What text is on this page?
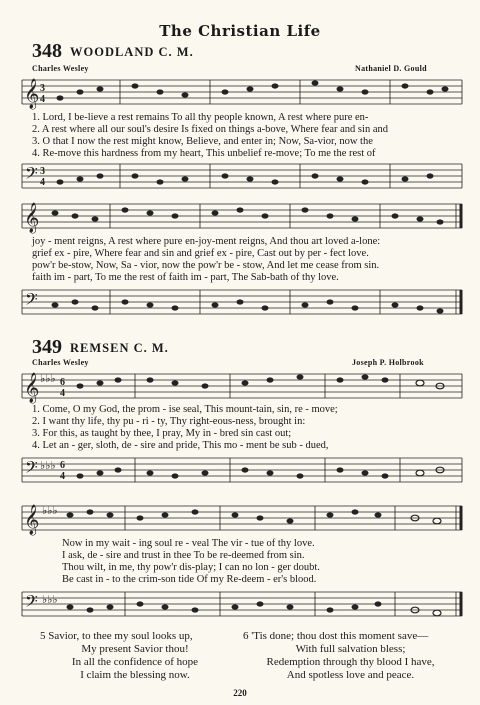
The Christian Life
348 WOODLAND C. M.
Charles Wesley	Nathaniel D. Gould
𝄞 3
4
1. Lord, I be-lieve a rest remains To all thy people known, A rest where pure en-
2. A rest where all our soul's desire Is fixed on things a-bove, Where fear and sin and
3. O that I now the rest might know, Believe, and enter in; Now, Sa-vior, now the
4. Re-move this hardness from my heart, This unbelief re-move; To me the rest of
𝄢 3
4
𝄞
joy - ment reigns, A rest where pure en-joy-ment reigns, And thou art loved a-lone:
grief ex - pire, Where fear and sin and grief ex - pire, Cast out by per - fect love.
pow'r be-stow, Now, Sa - vior, now the pow'r be - stow, And let me cease from sin.
faith im - part, To me the rest of faith im - part, The Sab-bath of thy love.
𝄢
349 REMSEN C. M.
Charles Wesley	Joseph P. Holbrook
𝄞 ♭♭♭ 6
4
1. Come, O my God, the prom - ise seal, This mount-tain, sin, re - move;
2. I want thy life, thy pu - ri - ty, Thy right-eous-ness, brought in:
3. For this, as taught by thee, I pray, My in - bred sin cast out;
4. Let an - ger, sloth, de - sire and pride, This mo - ment be sub - dued,
𝄢 ♭♭♭ 6
4
𝄞 ♭♭♭
Now in my wait - ing soul re - veal The vir - tue of thy love.
I ask, de - sire and trust in thee To be re-deemed from sin.
Thou wilt, in me, thy pow'r dis-play; I can no lon - ger doubt.
Be cast in - to the crim-son tide Of my Re-deem - er's blood.
𝄢 ♭♭♭
5 Savior, to thee my soul looks up,
My present Savior thou!
In all the confidence of hope
I claim the blessing now.
6 'Tis done; thou dost this moment save—
With full salvation bless;
Redemption through thy blood I have,
And spotless love and peace.
220
